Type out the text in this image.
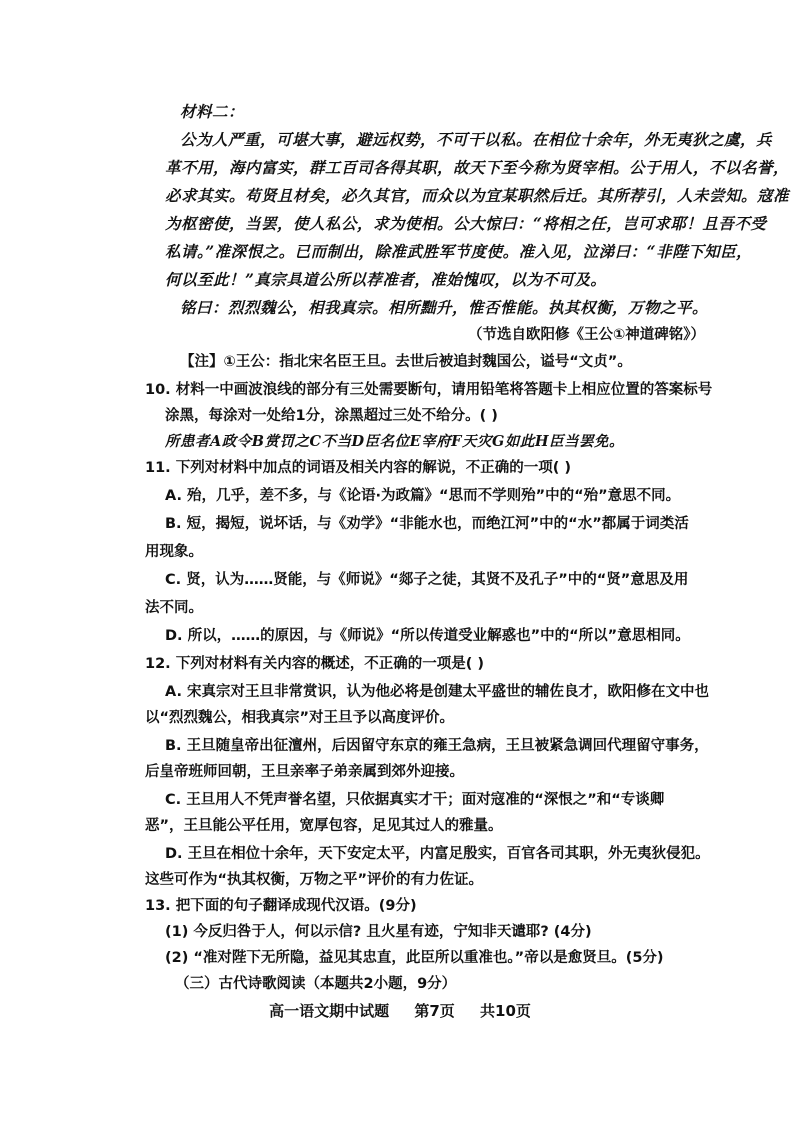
材料二：
公为人严重，可堪大事，避远权势，不可干以私。在相位十余年，外无夷狄之虞，兵
革不用，海内富实，群工百司各得其职，故天下至今称为贤宰相。公于用人，不以名誉，
必求其实。苟贤且材矣，必久其官，而众以为宜某职然后迁。其所荐引，人未尝知。寇准
为枢密使，当罢，使人私公，求为使相。公大惊曰：“将相之任，岂可求耶！且吾不受
私请。”准深恨之。已而制出，除准武胜军节度使。准入见，泣涕曰：“非陛下知臣，
何以至此！”真宗具道公所以荐准者，准始愧叹，以为不可及。
铭曰：烈烈魏公，相我真宗。相所黜升，惟否惟能。执其权衡，万物之平。
（节选自欧阳修《王公①神道碑铭》）
【注】①王公：指北宋名臣王旦。去世后被追封魏国公，谥号“文贞”。
10. 材料一中画波浪线的部分有三处需要断句，请用铅笔将答题卡上相应位置的答案标号
涂黑，每涂对一处给1分，涂黑超过三处不给分。( )
所患者A政令B赏罚之C不当D臣名位E宰府F天灾G如此H臣当罢免。
11. 下列对材料中加点的词语及相关内容的解说，不正确的一项( )
A. 殆，几乎，差不多，与《论语·为政篇》“思而不学则殆”中的“殆”意思不同。
B. 短，揭短，说坏话，与《劝学》“非能水也，而绝江河”中的“水”都属于词类活
用现象。
C. 贤，认为……贤能，与《师说》“郯子之徒，其贤不及孔子”中的“贤”意思及用
法不同。
D. 所以，……的原因，与《师说》“所以传道受业解惑也”中的“所以”意思相同。
12. 下列对材料有关内容的概述，不正确的一项是( )
A. 宋真宗对王旦非常赏识，认为他必将是创建太平盛世的辅佐良才，欧阳修在文中也
以“烈烈魏公，相我真宗”对王旦予以高度评价。
B. 王旦随皇帝出征澶州，后因留守东京的雍王急病，王旦被紧急调回代理留守事务，
后皇帝班师回朝，王旦亲率子弟亲属到郊外迎接。
C. 王旦用人不凭声誉名望，只依据真实才干；面对寇准的“深恨之”和“专谈卿
恶”，王旦能公平任用，宽厚包容，足见其过人的雅量。
D. 王旦在相位十余年，天下安定太平，内富足殷实，百官各司其职，外无夷狄侵犯。
这些可作为“执其权衡，万物之平”评价的有力佐证。
13. 把下面的句子翻译成现代汉语。(9分)
(1) 今反归咎于人，何以示信? 且火星有迹，宁知非天谴耶? (4分)
(2) “准对陛下无所隐，益见其忠直，此臣所以重准也。”帝以是愈贤旦。(5分)
（三）古代诗歌阅读（本题共2小题，9分）
高一语文期中试题 第7页 共10页
